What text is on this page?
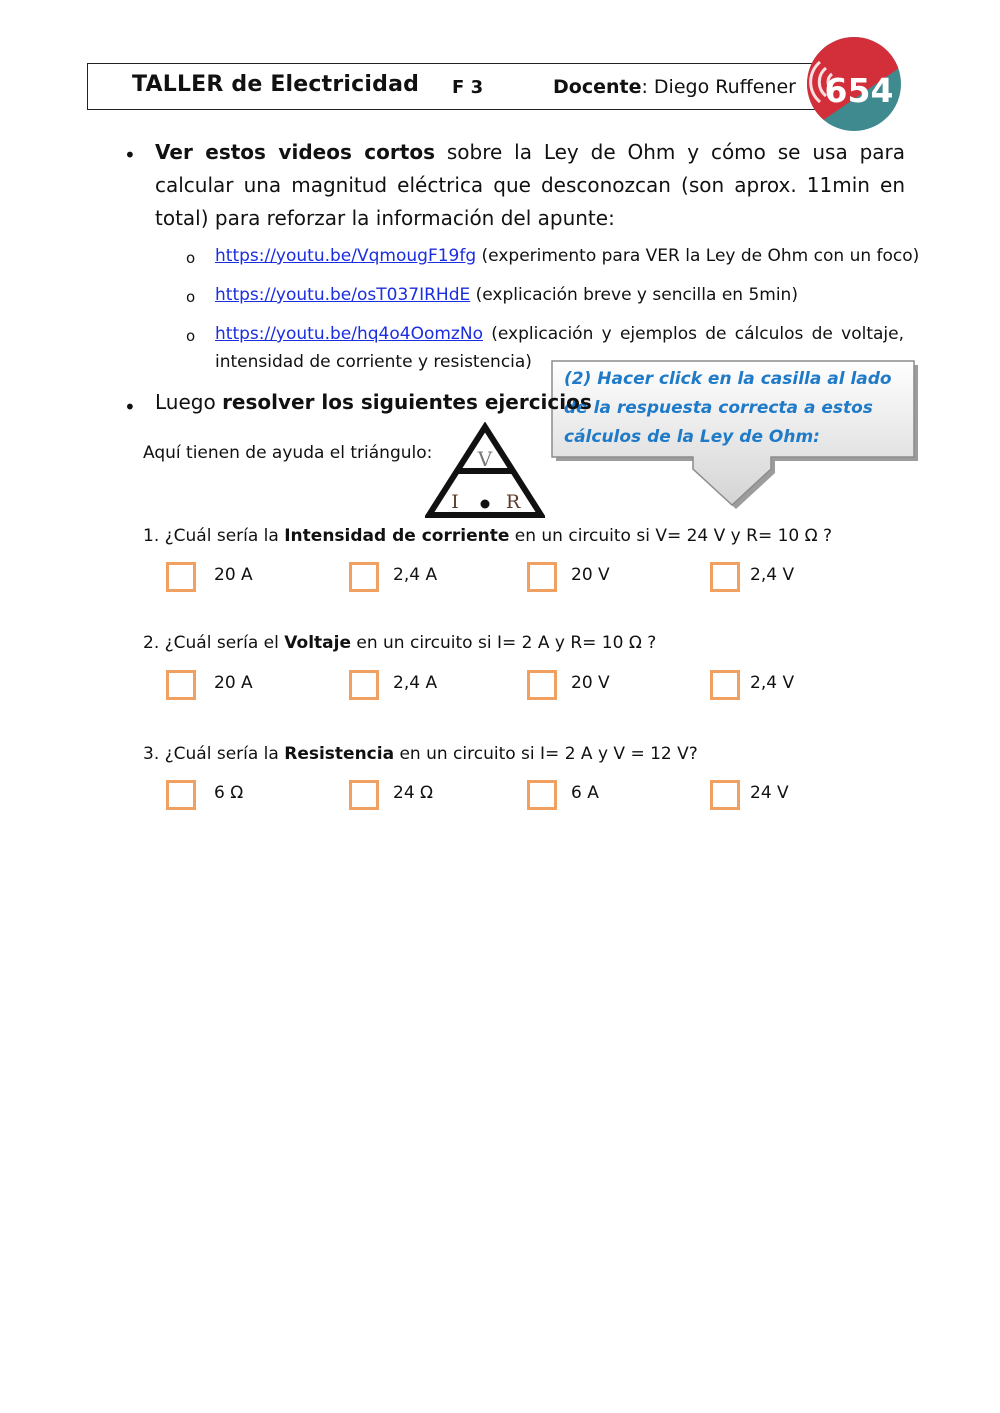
TALLER de Electricidad F 3	Docente: Diego Ruffener 654
• Ver estos videos cortos sobre la Ley de Ohm y cómo se usa para calcular una magnitud eléctrica que desconozcan (son aprox. 11min en total) para reforzar la información del apunte:
o https://youtu.be/VqmougF19fg (experimento para VER la Ley de Ohm con un foco)
o https://youtu.be/osT037IRHdE (explicación breve y sencilla en 5min)
o https://youtu.be/hq4o4OomzNo (explicación y ejemplos de cálculos de voltaje,
intensidad de corriente y resistencia)
(2) Hacer click en la casilla al lado de la respuesta correcta a estos cálculos de la Ley de Ohm:
• Luego resolver los siguientes ejercicios
Aquí tienen de ayuda el triángulo: V
I R
1. ¿Cuál sería la Intensidad de corriente en un circuito si V= 24 V y R= 10 Ω ?
20 A	2,4 A	20 V	2,4 V
2. ¿Cuál sería el Voltaje en un circuito si I= 2 A y R= 10 Ω ?
20 A	2,4 A	20 V	2,4 V
3. ¿Cuál sería la Resistencia en un circuito si I= 2 A y V = 12 V?
6 Ω	24 Ω	6 A	24 V
